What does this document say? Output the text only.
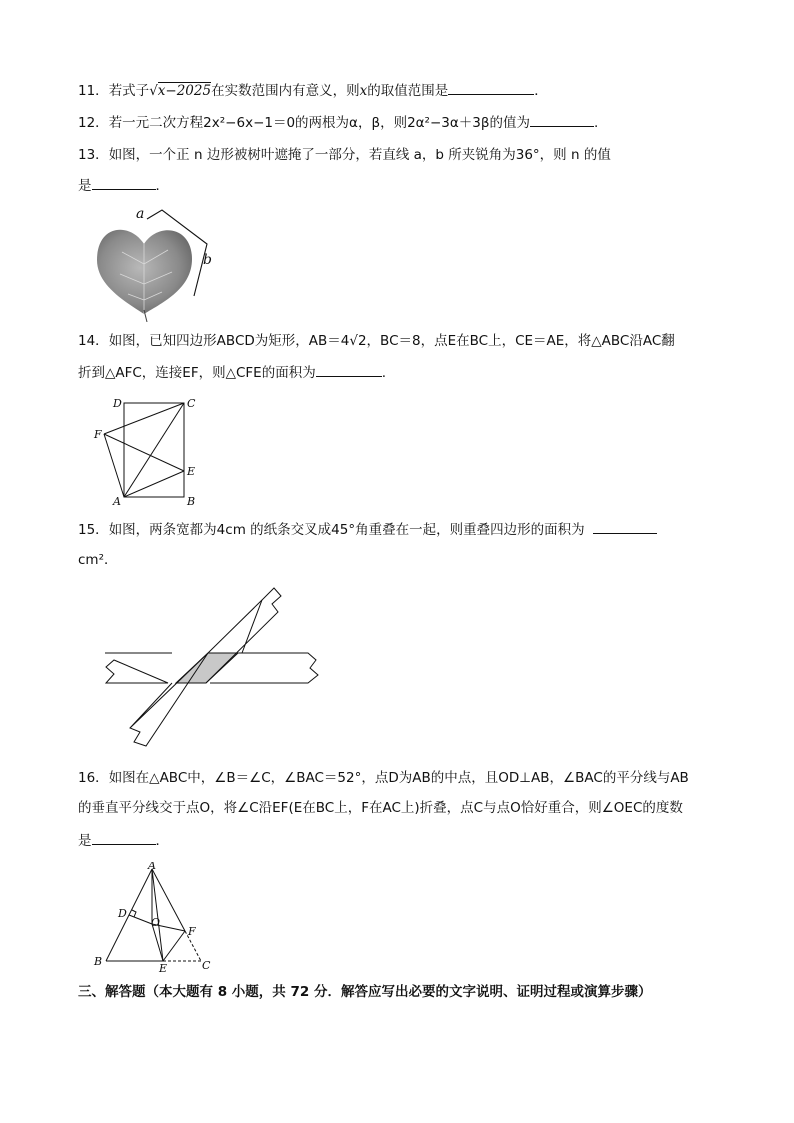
11．若式子√x−2025在实数范围内有意义，则x的取值范围是	．
12．若一元二次方程2x²−6x−1＝0的两根为α，β，则2α²−3α＋3β的值为	.
13．如图，一个正 n 边形被树叶遮掩了一部分，若直线 a，b 所夹锐角为36°，则 n 的值
是	．
a
b
14．如图，已知四边形ABCD为矩形，AB＝4√2，BC＝8，点E在BC上，CE＝AE，将△ABC沿AC翻
折到△AFC，连接EF，则△CFE的面积为	.
D	C
F
E
A	B
15．如图，两条宽都为4cm 的纸条交叉成45°角重叠在一起，则重叠四边形的面积为
cm²．
16．如图在△ABC中，∠B＝∠C，∠BAC＝52°，点D为AB的中点，且OD⊥AB，∠BAC的平分线与AB
的垂直平分线交于点O，将∠C沿EF(E在BC上，F在AC上)折叠，点C与点O恰好重合，则∠OEC的度数
是	．
A
D
O
F
B
E	C
三、解答题（本大题有 8 小题，共 72 分．解答应写出必要的文字说明、证明过程或演算步骤）
